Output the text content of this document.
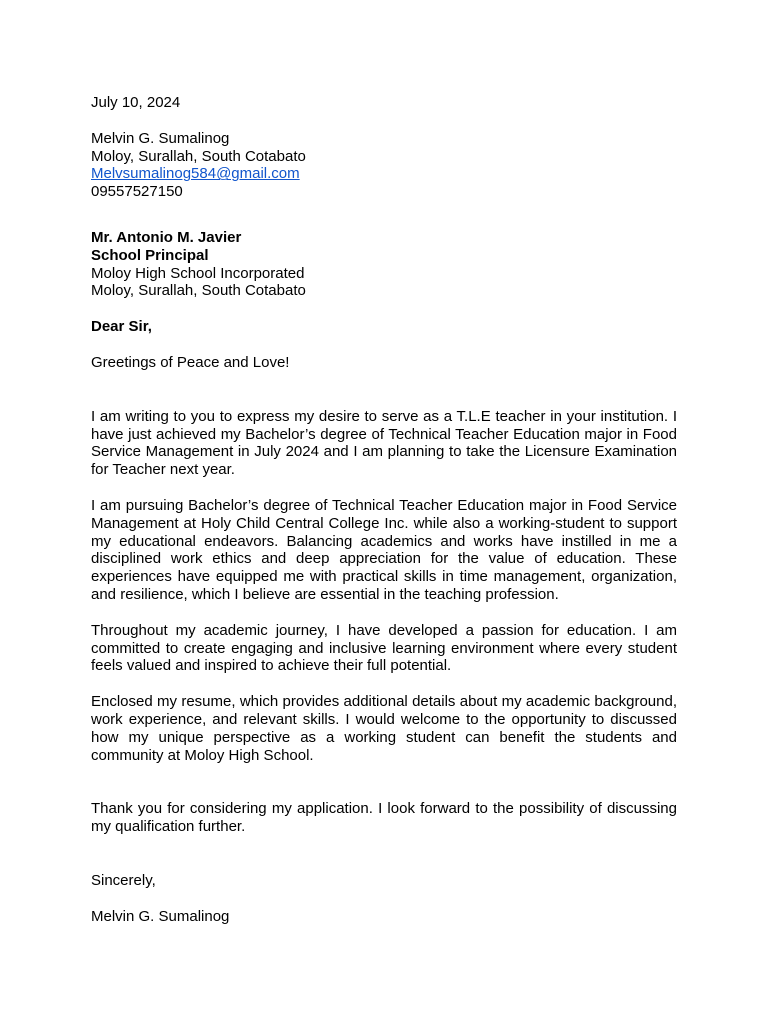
July 10, 2024
Melvin G. Sumalinog
Moloy, Surallah, South Cotabato
Melvsumalinog584@gmail.com
09557527150
Mr. Antonio M. Javier
School Principal
Moloy High School Incorporated
Moloy, Surallah, South Cotabato
Dear Sir,
Greetings of Peace and Love!

I am writing to you to express my desire to serve as a T.L.E teacher in your institution. I have just achieved my Bachelor’s degree of Technical Teacher Education major in Food Service Management in July 2024 and I am planning to take the Licensure Examination for Teacher next year.

I am pursuing Bachelor’s degree of Technical Teacher Education major in Food Service Management at Holy Child Central College Inc. while also a working-student to support my educational endeavors. Balancing academics and works have instilled in me a disciplined work ethics and deep appreciation for the value of education. These experiences have equipped me with practical skills in time management, organization, and resilience, which I believe are essential in the teaching profession.

Throughout my academic journey, I have developed a passion for education. I am committed to create engaging and inclusive learning environment where every student feels valued and inspired to achieve their full potential.

Enclosed my resume, which provides additional details about my academic background, work experience, and relevant skills. I would welcome to the opportunity to discussed how my unique perspective as a working student can benefit the students and community at Moloy High School.

Thank you for considering my application. I look forward to the possibility of discussing my qualification further.

Sincerely,
Melvin G. Sumalinog
